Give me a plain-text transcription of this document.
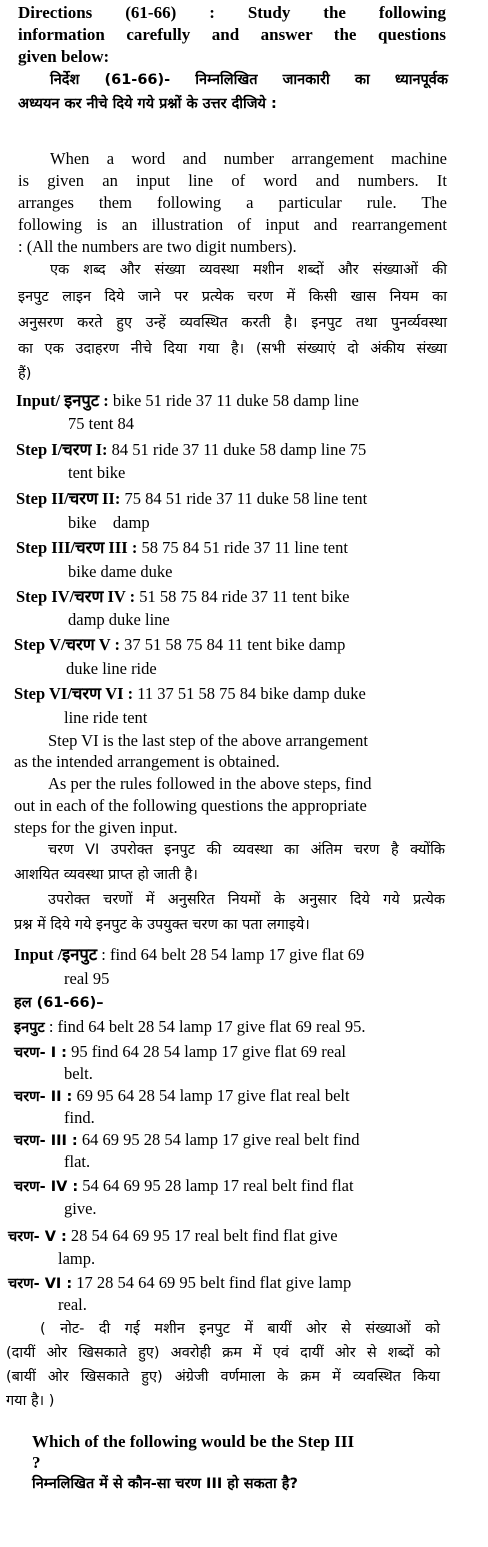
Directions (61-66) : Study the following
information carefully and answer the questions
given below:
निर्देश (61-66)- निम्नलिखित जानकारी का ध्यानपूर्वक
अध्ययन कर नीचे दिये गये प्रश्नों के उत्तर दीजिये :
When a word and number arrangement machine
is given an input line of word and numbers. It
arranges them following a particular rule. The
following is an illustration of input and rearrangement
: (All the numbers are two digit numbers).
एक शब्द और संख्या व्यवस्था मशीन शब्दों और संख्याओं की
इनपुट लाइन दिये जाने पर प्रत्येक चरण में किसी खास नियम का
अनुसरण करते हुए उन्हें व्यवस्थित करती है। इनपुट तथा पुनर्व्यवस्था
का एक उदाहरण नीचे दिया गया है। (सभी संख्याएं दो अंकीय संख्या
हैं)
Input/ इनपुट : bike 51 ride 37 11 duke 58 damp line
75 tent 84
Step I/चरण I: 84 51 ride 37 11 duke 58 damp line 75
tent bike
Step II/चरण II: 75 84 51 ride 37 11 duke 58 line tent
bike    damp
Step III/चरण III : 58 75 84 51 ride 37 11 line tent
bike dame duke
Step IV/चरण IV : 51 58 75 84 ride 37 11 tent bike
damp duke line
Step V/चरण V : 37 51 58 75 84 11 tent bike damp
duke line ride
Step VI/चरण VI : 11 37 51 58 75 84 bike damp duke
line ride tent
Step VI is the last step of the above arrangement
as the intended arrangement is obtained.
As per the rules followed in the above steps, find
out in each of the following questions the appropriate
steps for the given input.
चरण VI उपरोक्त इनपुट की व्यवस्था का अंतिम चरण है क्योंकि
आशयित व्यवस्था प्राप्त हो जाती है।
उपरोक्त चरणों में अनुसरित नियमों के अनुसार दिये गये प्रत्येक
प्रश्न में दिये गये इनपुट के उपयुक्त चरण का पता लगाइये।
Input /इनपुट : find 64 belt 28 54 lamp 17 give flat 69
real 95
हल (61-66)–
इनपुट : find 64 belt 28 54 lamp 17 give flat 69 real 95.
चरण- I : 95 find 64 28 54 lamp 17 give flat 69 real
belt.
चरण- II : 69 95 64 28 54 lamp 17 give flat real belt
find.
चरण- III : 64 69 95 28 54 lamp 17 give real belt find
flat.
चरण- IV : 54 64 69 95 28 lamp 17 real belt find flat
give.
चरण- V : 28 54 64 69 95 17 real belt find flat give
lamp.
चरण- VI : 17 28 54 64 69 95 belt find flat give lamp
real.
( नोट- दी गई मशीन इनपुट में बायीं ओर से संख्याओं को
(दायीं ओर खिसकाते हुए) अवरोही क्रम में एवं दायीं ओर से शब्दों को
(बायीं ओर खिसकाते हुए) अंग्रेजी वर्णमाला के क्रम में व्यवस्थित किया
गया है। )
Which of the following would be the Step III
?
निम्नलिखित में से कौन-सा चरण III हो सकता है?
